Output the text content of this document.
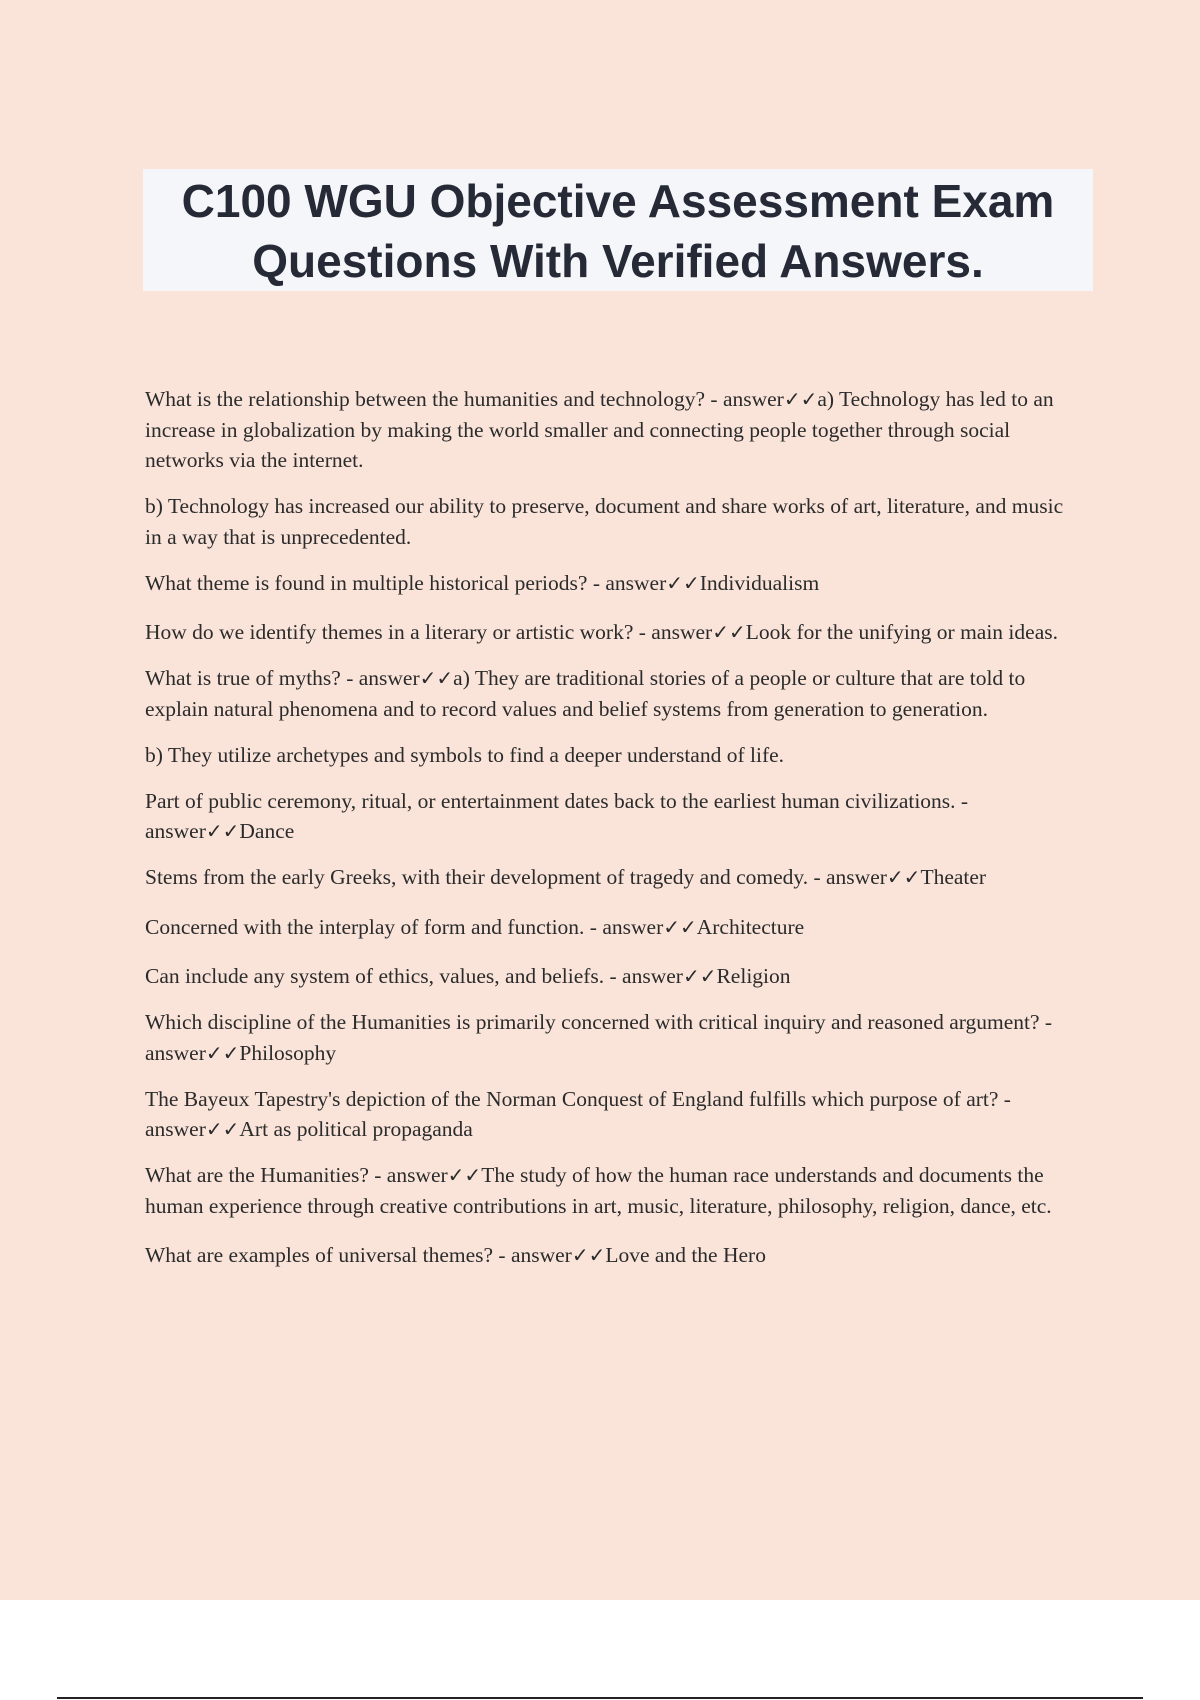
C100 WGU Objective Assessment Exam
Questions With Verified Answers.

What is the relationship between the humanities and technology? - answer✓✓a) Technology has led to an increase in globalization by making the world smaller and connecting people together through social networks via the internet.

b) Technology has increased our ability to preserve, document and share works of art, literature, and music in a way that is unprecedented.

What theme is found in multiple historical periods? - answer✓✓Individualism

How do we identify themes in a literary or artistic work? - answer✓✓Look for the unifying or main ideas.

What is true of myths? - answer✓✓a) They are traditional stories of a people or culture that are told to explain natural phenomena and to record values and belief systems from generation to generation.

b) They utilize archetypes and symbols to find a deeper understand of life.

Part of public ceremony, ritual, or entertainment dates back to the earliest human civilizations. - answer✓✓Dance

Stems from the early Greeks, with their development of tragedy and comedy. - answer✓✓Theater

Concerned with the interplay of form and function. - answer✓✓Architecture

Can include any system of ethics, values, and beliefs. - answer✓✓Religion

Which discipline of the Humanities is primarily concerned with critical inquiry and reasoned argument? - answer✓✓Philosophy

The Bayeux Tapestry's depiction of the Norman Conquest of England fulfills which purpose of art? - answer✓✓Art as political propaganda

What are the Humanities? - answer✓✓The study of how the human race understands and documents the human experience through creative contributions in art, music, literature, philosophy, religion, dance, etc.

What are examples of universal themes? - answer✓✓Love and the Hero
